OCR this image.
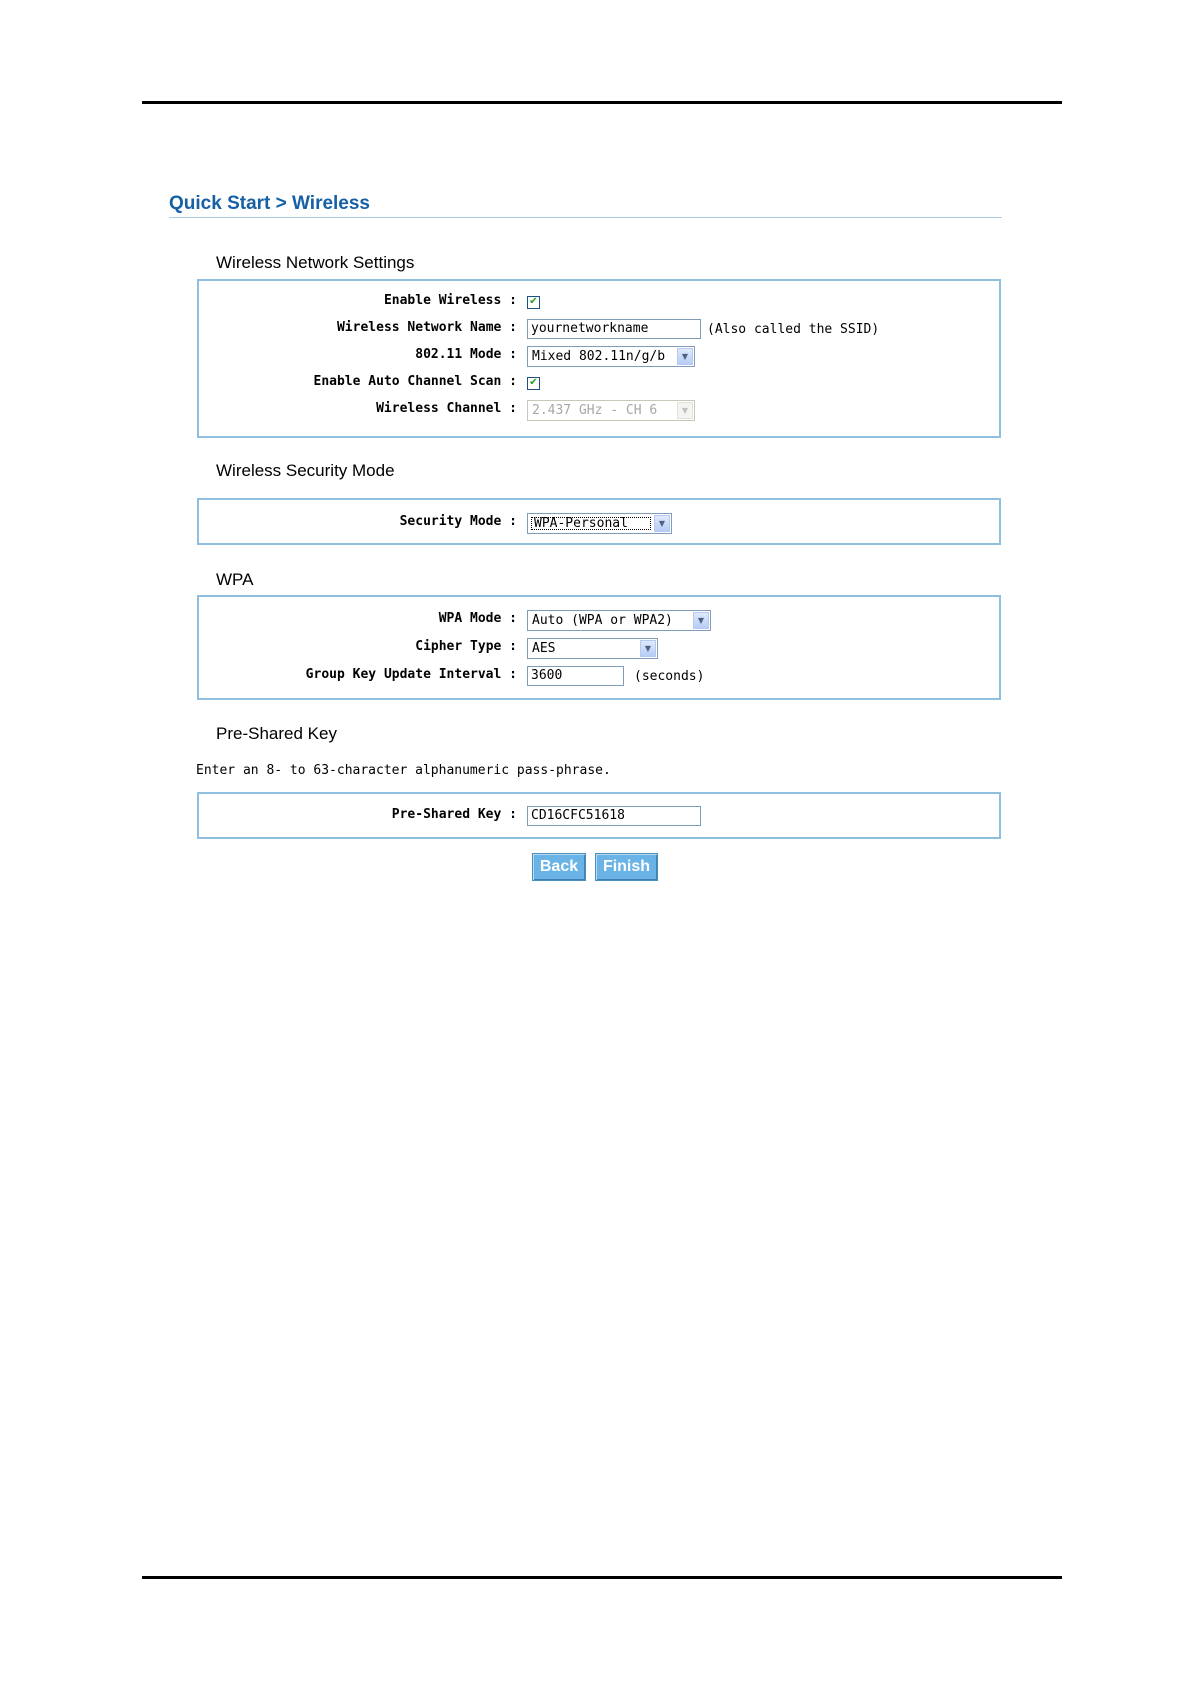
Quick Start > Wireless
Wireless Network Settings
Enable Wireless : ✔
Wireless Network Name :	yournetworkname	(Also called the SSID)
802.11 Mode :	Mixed 802.11n/g/b	▼
Enable Auto Channel Scan : ✔
Wireless Channel :	2.437 GHz - CH 6	▼
Wireless Security Mode
Security Mode :	WPA-Personal	▼
WPA
WPA Mode :	Auto (WPA or WPA2)	▼
Cipher Type :	AES	▼
Group Key Update Interval :	3600	(seconds)
Pre-Shared Key
Enter an 8- to 63-character alphanumeric pass-phrase.
Pre-Shared Key :	CD16CFC51618
Back	Finish
